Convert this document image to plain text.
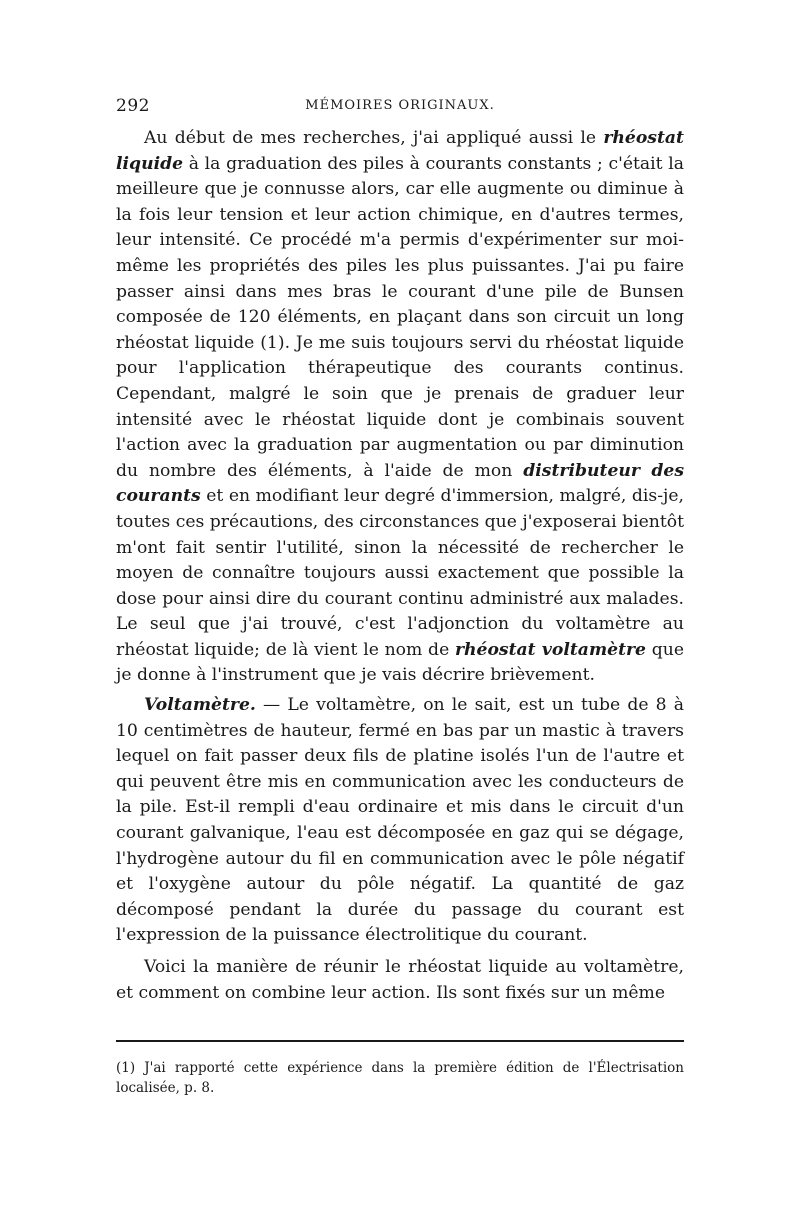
292	MÉMOIRES ORIGINAUX.

Au début de mes recherches, j'ai appliqué aussi le rhéostat liquide à la graduation des piles à courants constants ; c'était la meilleure que je connusse alors, car elle augmente ou diminue à la fois leur tension et leur action chimique, en d'autres termes, leur intensité. Ce procédé m'a permis d'expérimenter sur moi-même les propriétés des piles les plus puissantes. J'ai pu faire passer ainsi dans mes bras le courant d'une pile de Bunsen composée de 120 éléments, en plaçant dans son circuit un long rhéostat liquide (1). Je me suis toujours servi du rhéostat liquide pour l'application thérapeutique des courants continus. Cependant, malgré le soin que je prenais de graduer leur intensité avec le rhéostat liquide dont je combinais souvent l'action avec la graduation par augmentation ou par diminution du nombre des éléments, à l'aide de mon distributeur des courants et en modifiant leur degré d'immersion, malgré, dis-je, toutes ces précautions, des circonstances que j'exposerai bientôt m'ont fait sentir l'utilité, sinon la nécessité de rechercher le moyen de connaître toujours aussi exactement que possible la dose pour ainsi dire du courant continu administré aux malades. Le seul que j'ai trouvé, c'est l'adjonction du voltamètre au rhéostat liquide; de là vient le nom de rhéostat voltamètre que je donne à l'instrument que je vais décrire brièvement.

Voltamètre. — Le voltamètre, on le sait, est un tube de 8 à 10 centimètres de hauteur, fermé en bas par un mastic à travers lequel on fait passer deux fils de platine isolés l'un de l'autre et qui peuvent être mis en communication avec les conducteurs de la pile. Est-il rempli d'eau ordinaire et mis dans le circuit d'un courant galvanique, l'eau est décomposée en gaz qui se dégage, l'hydrogène autour du fil en communication avec le pôle négatif et l'oxygène autour du pôle négatif. La quantité de gaz décomposé pendant la durée du passage du courant est l'expression de la puissance électrolitique du courant.

Voici la manière de réunir le rhéostat liquide au voltamètre, et comment on combine leur action. Ils sont fixés sur un même

(1) J'ai rapporté cette expérience dans la première édition de l'Électrisation localisée, p. 8.
